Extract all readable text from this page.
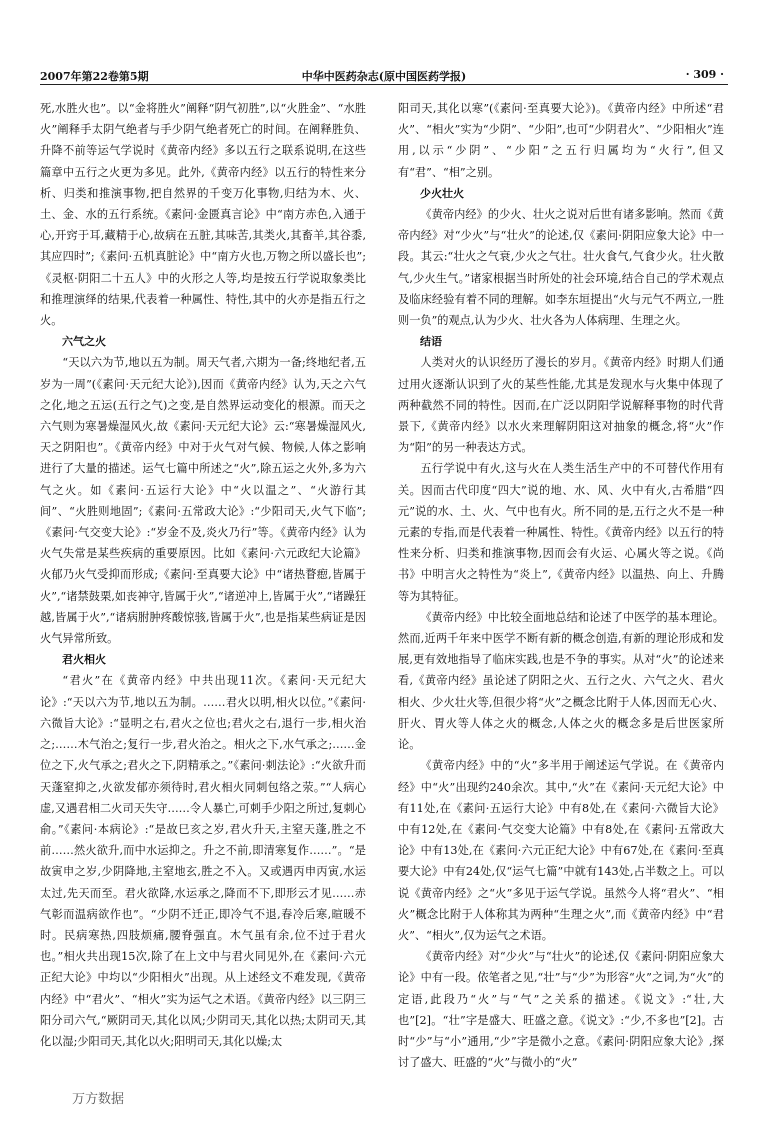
2007年第22卷第5期	中华中医药杂志(原中国医药学报)	· 309 ·

死,水胜火也”。以“金将胜火”阐释“阴气初胜”,以“火胜金”、“水胜火”阐释手太阴气绝者与手少阴气绝者死亡的时间。在阐释胜负、升降不前等运气学说时《黄帝内经》多以五行之联系说明,在这些篇章中五行之火更为多见。此外,《黄帝内经》以五行的特性来分析、归类和推演事物,把自然界的千变万化事物,归结为木、火、土、金、水的五行系统。《素问·金匮真言论》中“南方赤色,入通于心,开窍于耳,藏精于心,故病在五脏,其味苦,其类火,其畜羊,其谷黍,其应四时”;《素问·五机真脏论》中“南方火也,万物之所以盛长也”;《灵枢·阴阳二十五人》中的火形之人等,均是按五行学说取象类比和推理演绎的结果,代表着一种属性、特性,其中的火亦是指五行之火。

六气之火

“天以六为节,地以五为制。周天气者,六期为一备;终地纪者,五岁为一周”(《素问·天元纪大论》),因而《黄帝内经》认为,天之六气之化,地之五运(五行之气)之变,是自然界运动变化的根源。而天之六气则为寒暑燥湿风火,故《素问·天元纪大论》云:“寒暑燥湿风火,天之阴阳也”。《黄帝内经》中对于火气对气候、物候,人体之影响进行了大量的描述。运气七篇中所述之“火”,除五运之火外,多为六气之火。如《素问·五运行大论》中“火以温之”、“火游行其间”、“火胜则地固”;《素问·五常政大论》:“少阳司天,火气下临”;《素问·气交变大论》:“岁金不及,炎火乃行”等。《黄帝内经》认为火气失常是某些疾病的重要原因。比如《素问·六元政纪大论篇》火郁乃火气受抑而形成;《素问·至真要大论》中“诸热瞀瘛,皆属于火”,“诸禁鼓栗,如丧神守,皆属于火”,“诸逆冲上,皆属于火”,“诸躁狂越,皆属于火”,“诸病胕肿疼酸惊骇,皆属于火”,也是指某些病证是因火气异常所致。

君火相火

“君火”在《黄帝内经》中共出现11次。《素问·天元纪大论》:“天以六为节,地以五为制。……君火以明,相火以位。”《素问·六微旨大论》:“显明之右,君火之位也;君火之右,退行一步,相火治之;……木气治之;复行一步,君火治之。相火之下,水气承之;……金位之下,火气承之;君火之下,阴精承之。”《素问·刺法论》:“火欲升而天蓬窒抑之,火欲发郁亦须待时,君火相火同刺包络之荥。”“人病心虚,又遇君相二火司天失守……令人暴亡,可刺手少阳之所过,复刺心俞。”《素问·本病论》:“是故巳亥之岁,君火升天,主窒天蓬,胜之不前……然火欲升,而中水运抑之。升之不前,即清寒复作……”。“是故寅申之岁,少阴降地,主窒地玄,胜之不入。又或遇丙申丙寅,水运太过,先天而至。君火欲降,水运承之,降而不下,即形云才见……赤气彰而温病欲作也”。“少阴不迁正,即冷气不退,春冷后寒,暄暖不时。民病寒热,四肢烦痛,腰脊强直。木气虽有余,位不过于君火也。”相火共出现15次,除了在上文中与君火同见外,在《素问·六元正纪大论》中均以“少阳相火”出现。从上述经文不难发现,《黄帝内经》中“君火”、“相火”实为运气之术语。《黄帝内经》以三阴三阳分司六气,“厥阴司天,其化以风;少阴司天,其化以热;太阴司天,其化以湿;少阳司天,其化以火;阳明司天,其化以燥;太

阳司天,其化以寒”(《素问·至真要大论》)。《黄帝内经》中所述“君火”、“相火”实为“少阴”、“少阳”,也可“少阴君火”、“少阳相火”连用,以示“少阴”、“少阳”之五行归属均为“火行”,但又有“君”、“相”之别。

少火壮火

《黄帝内经》的少火、壮火之说对后世有诸多影响。然而《黄帝内经》对“少火”与“壮火”的论述,仅《素问·阴阳应象大论》中一段。其云:“壮火之气衰,少火之气壮。壮火食气,气食少火。壮火散气,少火生气。”诸家根据当时所处的社会环境,结合自己的学术观点及临床经验有着不同的理解。如李东垣提出“火与元气不两立,一胜则一负”的观点,认为少火、壮火各为人体病理、生理之火。

结语

人类对火的认识经历了漫长的岁月。《黄帝内经》时期人们通过用火逐渐认识到了火的某些性能,尤其是发现水与火集中体现了两种截然不同的特性。因而,在广泛以阴阳学说解释事物的时代背景下,《黄帝内经》以水火来理解阴阳这对抽象的概念,将“火”作为“阳”的另一种表达方式。

五行学说中有火,这与火在人类生活生产中的不可替代作用有关。因而古代印度“四大”说的地、水、风、火中有火,古希腊“四元”说的水、土、火、气中也有火。所不同的是,五行之火不是一种元素的专指,而是代表着一种属性、特性。《黄帝内经》以五行的特性来分析、归类和推演事物,因而会有火运、心属火等之说。《尚书》中明言火之特性为“炎上”,《黄帝内经》以温热、向上、升腾等为其特征。

《黄帝内经》中比较全面地总结和论述了中医学的基本理论。然而,近两千年来中医学不断有新的概念创造,有新的理论形成和发展,更有效地指导了临床实践,也是不争的事实。从对“火”的论述来看,《黄帝内经》虽论述了阴阳之火、五行之火、六气之火、君火相火、少火壮火等,但很少将“火”之概念比附于人体,因而无心火、肝火、胃火等人体之火的概念,人体之火的概念多是后世医家所论。

《黄帝内经》中的“火”多半用于阐述运气学说。在《黄帝内经》中“火”出现约240余次。其中,“火”在《素问·天元纪大论》中有11处,在《素问·五运行大论》中有8处,在《素问·六微旨大论》中有12处,在《素问·气交变大论篇》中有8处,在《素问·五常政大论》中有13处,在《素问·六元正纪大论》中有67处,在《素问·至真要大论》中有24处,仅“运气七篇”中就有143处,占半数之上。可以说《黄帝内经》之“火”多见于运气学说。虽然今人将“君火”、“相火”概念比附于人体称其为两种“生理之火”,而《黄帝内经》中“君火”、“相火”,仅为运气之术语。

《黄帝内经》对“少火”与“壮火”的论述,仅《素问·阴阳应象大论》中有一段。依笔者之见,“壮”与“少”为形容“火”之词,为“火”的定语,此段乃“火”与“气”之关系的描述。《说文》:“壮,大也”[2]。“壮”字是盛大、旺盛之意。《说文》:“少,不多也”[2]。古时“少”与“小”通用,“少”字是微小之意。《素问·阴阳应象大论》,探讨了盛大、旺盛的“火”与微小的“火”

万方数据
